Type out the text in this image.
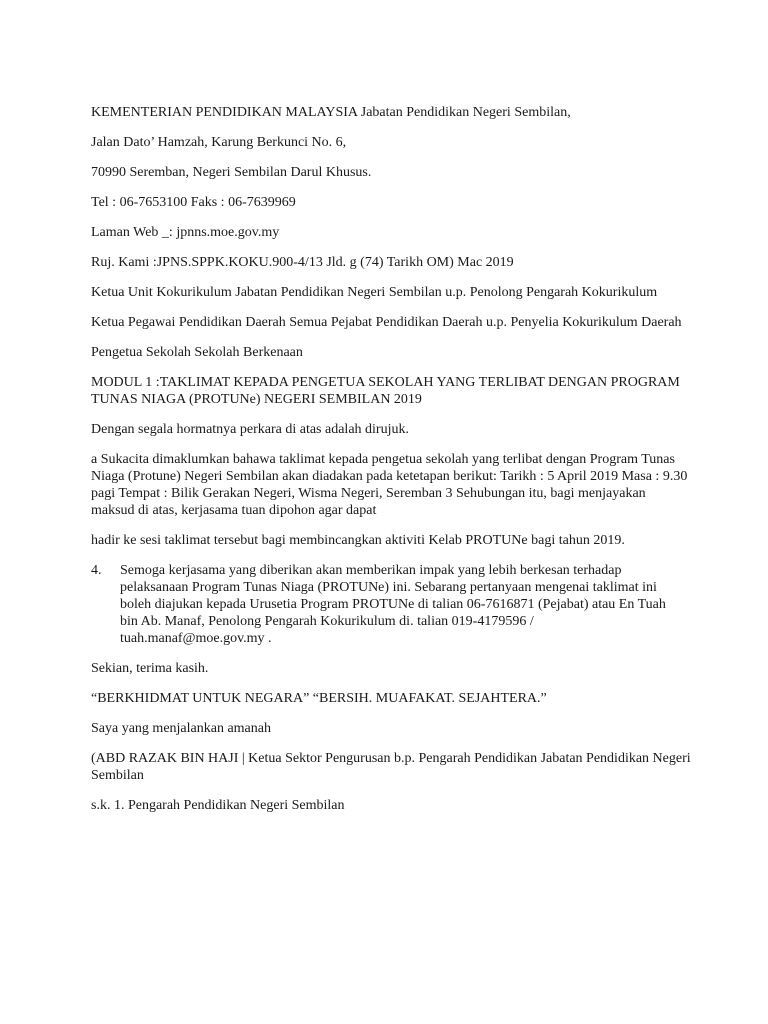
KEMENTERIAN PENDIDIKAN MALAYSIA Jabatan Pendidikan Negeri Sembilan,

Jalan Dato’ Hamzah, Karung Berkunci No. 6,

70990 Seremban, Negeri Sembilan Darul Khusus.

Tel : 06-7653100 Faks : 06-7639969

Laman Web _: jpnns.moe.gov.my

Ruj. Kami :JPNS.SPPK.KOKU.900-4/13 Jld. g (74) Tarikh OM) Mac 2019

Ketua Unit Kokurikulum Jabatan Pendidikan Negeri Sembilan u.p. Penolong Pengarah Kokurikulum

Ketua Pegawai Pendidikan Daerah Semua Pejabat Pendidikan Daerah u.p. Penyelia Kokurikulum Daerah

Pengetua Sekolah Sekolah Berkenaan

MODUL 1 :TAKLIMAT KEPADA PENGETUA SEKOLAH YANG TERLIBAT DENGAN PROGRAM TUNAS NIAGA (PROTUNe) NEGERI SEMBILAN 2019

Dengan segala hormatnya perkara di atas adalah dirujuk.

a Sukacita dimaklumkan bahawa taklimat kepada pengetua sekolah yang terlibat dengan Program Tunas Niaga (Protune) Negeri Sembilan akan diadakan pada ketetapan berikut: Tarikh : 5 April 2019 Masa : 9.30 pagi Tempat : Bilik Gerakan Negeri, Wisma Negeri, Seremban 3 Sehubungan itu, bagi menjayakan maksud di atas, kerjasama tuan dipohon agar dapat

hadir ke sesi taklimat tersebut bagi membincangkan aktiviti Kelab PROTUNe bagi tahun 2019.

4.	Semoga kerjasama yang diberikan akan memberikan impak yang lebih berkesan terhadap pelaksanaan Program Tunas Niaga (PROTUNe) ini. Sebarang pertanyaan mengenai taklimat ini boleh diajukan kepada Urusetia Program PROTUNe di talian 06-7616871 (Pejabat) atau En Tuah bin Ab. Manaf, Penolong Pengarah Kokurikulum di. talian 019-4179596 / tuah.manaf@moe.gov.my .

Sekian, terima kasih.

“BERKHIDMAT UNTUK NEGARA” “BERSIH. MUAFAKAT. SEJAHTERA.”

Saya yang menjalankan amanah

(ABD RAZAK BIN HAJI | Ketua Sektor Pengurusan b.p. Pengarah Pendidikan Jabatan Pendidikan Negeri Sembilan

s.k. 1. Pengarah Pendidikan Negeri Sembilan
